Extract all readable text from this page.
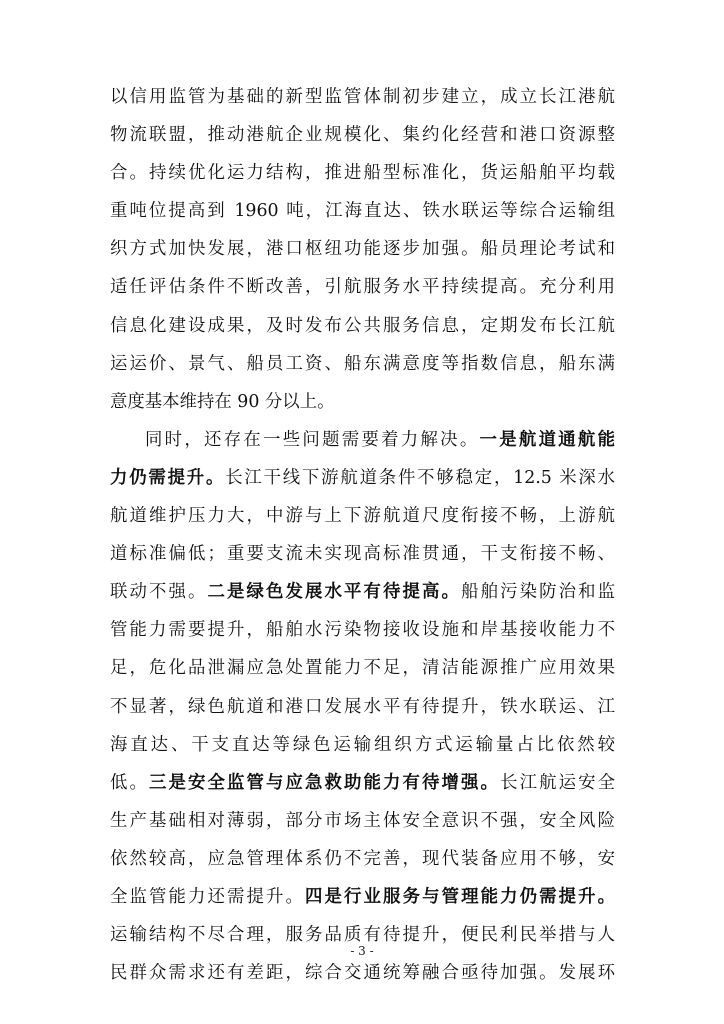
以信用监管为基础的新型监管体制初步建立，成立长江港航
物流联盟，推动港航企业规模化、集约化经营和港口资源整
合。持续优化运力结构，推进船型标准化，货运船舶平均载
重吨位提高到 1960 吨，江海直达、铁水联运等综合运输组
织方式加快发展，港口枢纽功能逐步加强。船员理论考试和
适任评估条件不断改善，引航服务水平持续提高。充分利用
信息化建设成果，及时发布公共服务信息，定期发布长江航
运运价、景气、船员工资、船东满意度等指数信息，船东满
意度基本维持在 90 分以上。
同时，还存在一些问题需要着力解决。一是航道通航能
力仍需提升。长江干线下游航道条件不够稳定，12.5 米深水
航道维护压力大，中游与上下游航道尺度衔接不畅，上游航
道标准偏低；重要支流未实现高标准贯通，干支衔接不畅、
联动不强。二是绿色发展水平有待提高。船舶污染防治和监
管能力需要提升，船舶水污染物接收设施和岸基接收能力不
足，危化品泄漏应急处置能力不足，清洁能源推广应用效果
不显著，绿色航道和港口发展水平有待提升，铁水联运、江
海直达、干支直达等绿色运输组织方式运输量占比依然较
低。三是安全监管与应急救助能力有待增强。长江航运安全
生产基础相对薄弱，部分市场主体安全意识不强，安全风险
依然较高，应急管理体系仍不完善，现代装备应用不够，安
全监管能力还需提升。四是行业服务与管理能力仍需提升。
运输结构不尽合理，服务品质有待提升，便民利民举措与人
民群众需求还有差距，综合交通统筹融合亟待加强。发展环
- 3 -
